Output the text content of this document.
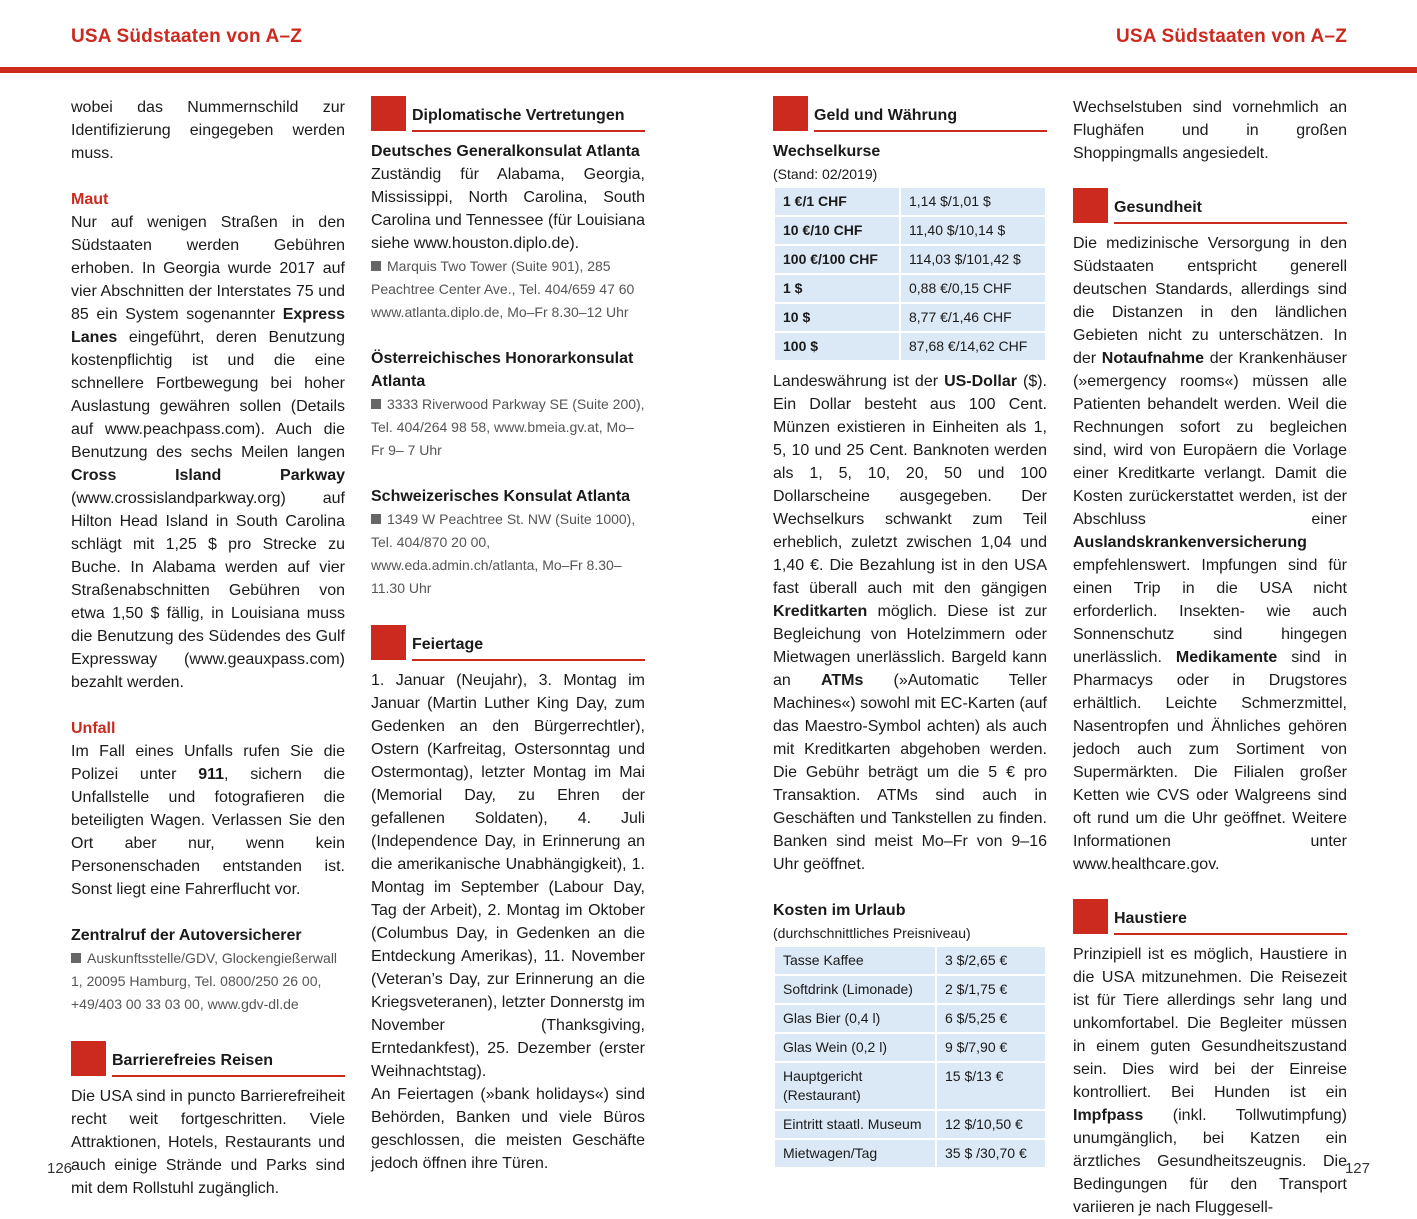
USA Südstaaten von A–Z	USA Südstaaten von A–Z

wobei das Nummernschild zur Identifizierung eingegeben werden muss.

Maut

Nur auf wenigen Straßen in den Südstaaten werden Gebühren erhoben. In Georgia wurde 2017 auf vier Abschnitten der Interstates 75 und 85 ein System sogenannter Express Lanes eingeführt, deren Benutzung kostenpflichtig ist und die eine schnellere Fortbewegung bei hoher Auslastung gewähren sollen (Details auf www.peachpass.com). Auch die Benutzung des sechs Meilen langen Cross Island Parkway (www.crossislandparkway.org) auf Hilton Head Island in South Carolina schlägt mit 1,25 $ pro Strecke zu Buche. In Alabama werden auf vier Straßenabschnitten Gebühren von etwa 1,50 $ fällig, in Louisiana muss die Benutzung des Südendes des Gulf Expressway (www.geauxpass.com) bezahlt werden.

Unfall

Im Fall eines Unfalls rufen Sie die Polizei unter 911, sichern die Unfallstelle und fotografieren die beteiligten Wagen. Verlassen Sie den Ort aber nur, wenn kein Personenschaden entstanden ist. Sonst liegt eine Fahrerflucht vor.

Zentralruf der Autoversicherer

Auskunftsstelle/GDV, Glockengießerwall 1, 20095 Hamburg, Tel. 0800/250 26 00, +49/403 00 33 03 00, www.gdv-dl.de

Barrierefreies Reisen

Die USA sind in puncto Barrierefreiheit recht weit fortgeschritten. Viele Attraktionen, Hotels, Restaurants und auch einige Strände und Parks sind mit dem Rollstuhl zugänglich.

Diplomatische Vertretungen

Deutsches Generalkonsulat Atlanta

Zuständig für Alabama, Georgia, Mississippi, North Carolina, South Carolina und Tennessee (für Louisiana siehe www.houston.diplo.de).

Marquis Two Tower (Suite 901), 285 Peachtree Center Ave., Tel. 404/659 47 60 www.atlanta.diplo.de, Mo–Fr 8.30–12 Uhr

Österreichisches Honorarkonsulat Atlanta

3333 Riverwood Parkway SE (Suite 200), Tel. 404/264 98 58, www.bmeia.gv.at, Mo–Fr 9– 7 Uhr

Schweizerisches Konsulat Atlanta

1349 W Peachtree St. NW (Suite 1000), Tel. 404/870 20 00, www.eda.admin.ch/atlanta, Mo–Fr 8.30–11.30 Uhr

Feiertage

1. Januar (Neujahr), 3. Montag im Januar (Martin Luther King Day, zum Gedenken an den Bürgerrechtler), Ostern (Karfreitag, Ostersonntag und Ostermontag), letzter Montag im Mai (Memorial Day, zu Ehren der gefallenen Soldaten), 4. Juli (Independence Day, in Erinnerung an die amerikanische Unabhängigkeit), 1. Montag im September (Labour Day, Tag der Arbeit), 2. Montag im Oktober (Columbus Day, in Gedenken an die Entdeckung Amerikas), 11. November (Veteran’s Day, zur Erinnerung an die Kriegsveteranen), letzter Donnerstg im November (Thanksgiving, Erntedankfest), 25. Dezember (erster Weihnachtstag).

An Feiertagen (»bank holidays«) sind Behörden, Banken und viele Büros geschlossen, die meisten Geschäfte jedoch öffnen ihre Türen.

Geld und Währung

Wechselkurse

(Stand: 02/2019)

1 €/1 CHF	1,14 $/1,01 $
10 €/10 CHF	11,40 $/10,14 $
100 €/100 CHF	114,03 $/101,42 $
1 $	0,88 €/0,15 CHF
10 $	8,77 €/1,46 CHF
100 $	87,68 €/14,62 CHF

Landeswährung ist der US-Dollar ($). Ein Dollar besteht aus 100 Cent. Münzen existieren in Einheiten als 1, 5, 10 und 25 Cent. Banknoten werden als 1, 5, 10, 20, 50 und 100 Dollarscheine ausgegeben. Der Wechselkurs schwankt zum Teil erheblich, zuletzt zwischen 1,04 und 1,40 €. Die Bezahlung ist in den USA fast überall auch mit den gängigen Kreditkarten möglich. Diese ist zur Begleichung von Hotelzimmern oder Mietwagen unerlässlich. Bargeld kann an ATMs (»Automatic Teller Machines«) sowohl mit EC-Karten (auf das Maestro-Symbol achten) als auch mit Kreditkarten abgehoben werden. Die Gebühr beträgt um die 5 € pro Transaktion. ATMs sind auch in Geschäften und Tankstellen zu finden. Banken sind meist Mo–Fr von 9–16 Uhr geöffnet.

Kosten im Urlaub

(durchschnittliches Preisniveau)

Tasse Kaffee	3 $/2,65 €
Softdrink (Limonade)	2 $/1,75 €
Glas Bier (0,4 l)	6 $/5,25 €
Glas Wein (0,2 l)	9 $/7,90 €
Hauptgericht (Restaurant)	15 $/13 €
Eintritt staatl. Museum	12 $/10,50 €
Mietwagen/Tag	35 $ /30,70 €

Wechselstuben sind vornehmlich an Flughäfen und in großen Shoppingmalls angesiedelt.

Gesundheit

Die medizinische Versorgung in den Südstaaten entspricht generell deutschen Standards, allerdings sind die Distanzen in den ländlichen Gebieten nicht zu unterschätzen. In der Notaufnahme der Krankenhäuser (»emergency rooms«) müssen alle Patienten behandelt werden. Weil die Rechnungen sofort zu begleichen sind, wird von Europäern die Vorlage einer Kreditkarte verlangt. Damit die Kosten zurückerstattet werden, ist der Abschluss einer Auslandskrankenversicherung empfehlenswert. Impfungen sind für einen Trip in die USA nicht erforderlich. Insekten- wie auch Sonnenschutz sind hingegen unerlässlich. Medikamente sind in Pharmacys oder in Drugstores erhältlich. Leichte Schmerzmittel, Nasentropfen und Ähnliches gehören jedoch auch zum Sortiment von Supermärkten. Die Filialen großer Ketten wie CVS oder Walgreens sind oft rund um die Uhr geöffnet. Weitere Informationen unter www.healthcare.gov.

Haustiere

Prinzipiell ist es möglich, Haustiere in die USA mitzunehmen. Die Reisezeit ist für Tiere allerdings sehr lang und unkomfortabel. Die Begleiter müssen in einem guten Gesundheitszustand sein. Dies wird bei der Einreise kontrolliert. Bei Hunden ist ein Impfpass (inkl. Tollwutimpfung) unumgänglich, bei Katzen ein ärztliches Gesundheitszeugnis. Die Bedingungen für den Transport variieren je nach Fluggesell-

126	127
